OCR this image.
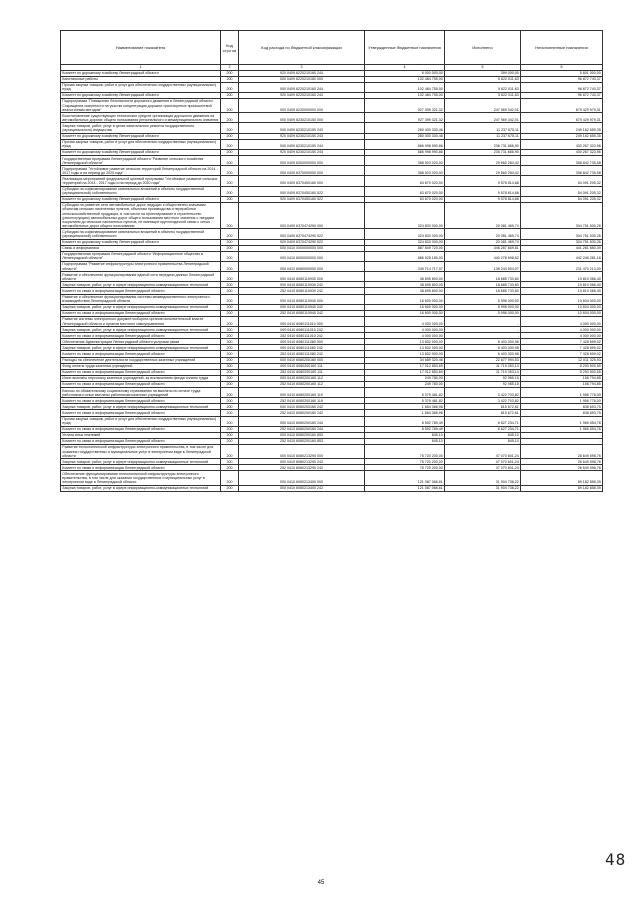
Наименование показателя	Код стро ки	Код расхода по бюджетной классификации	Утвержденные бюджетные назначения	Исполнено	Неисполненные назначения
1	2	3	4	5	6
Комитет по дорожному хозяйству Ленинградской области	200	920 0409 6220210160 244	6 000 000,00	399 000,00	5 601 000,00
Капитальные работы	200	000 0409 6220210160 000	102 484 755,00	5 622 011,63	96 872 743,37
Прочая закупка товаров, работ и услуг для обеспечения государственных (муниципальных) нужд	200	000 0409 6220210160 244	102 484 755,00	5 622 011,63	96 872 743,37
Комитет по дорожному хозяйству Ленинградской области	200	920 0409 6220210160 244	102 484 755,00	5 622 011,63	96 872 743,37
Подпрограмма "Повышение безопасности дорожного движения в Ленинградской области. Сокращение смертности на участке концентрации дорожно-транспортных происшествий аналогичным методом"	200	000 0409 6230000000 000	927 399 321,32	247 969 342,01	679 429 979,31
Восстановление существующих технических средств организации дорожного движения на автомобильных дорогах общего пользования регионального и межмуниципального значения	200	000 0409 6230210150 000	927 399 321,32	247 969 342,01	679 429 979,31
Закупка товаров, работ, услуг в целях капитального ремонта государственного (муниципального) имущества	200	000 0409 6230210150 243	260 400 330,46	11 237 675,11	249 162 655,35
Комитет по дорожному хозяйству Ленинградской области	200	920 0409 6230210150 243	260 400 330,46	11 237 675,11	249 162 655,35
Прочая закупка товаров, работ и услуг для обеспечения государственных (муниципальных) нужд	200	000 0409 6230210150 244	666 998 990,86	236 731 666,90	430 267 323,96
Комитет по дорожному хозяйству Ленинградской области	200	920 0409 6230210150 244	666 998 990,86	236 731 666,90	430 267 323,96
Государственная программа Ленинградской области "Развитие сельского хозяйства Ленинградской области"	200	000 0409 6300000000 000	388 503 020,00	29 660 284,42	358 842 735,58
Подпрограмма "Устойчивое развитие сельских территорий Ленинградской области на 2014 - 2017 годы и на период до 2020 года"	200	000 0409 6370000000 000	388 503 020,00	29 660 284,42	358 842 735,58
Реализация мероприятий федеральной целевой программы "Устойчивое развитие сельских территорий на 2014 - 2017 годы и на период до 2020 года"	200	000 0409 6370450160 000	63 670 020,00	9 578 814,68	54 091 205,32
Субсидии на софинансирование капитальных вложений в объекты государственной (муниципальной) собственности	200	000 0409 6370450160 522	63 670 020,00	9 578 814,68	54 091 205,32
Комитет по дорожному хозяйству Ленинградской области	200	920 0409 6370450160 522	63 670 020,00	9 578 814,68	54 091 205,32
Субсидии на развитие сети автомобильных дорог, ведущих к общественно значимым объектам сельских населенных пунктов, объектам производства и переработки сельскохозяйственной продукции, в том числе на проектирование и строительство (реконструкцию) автомобильных дорог общего пользования местного значения с твердым покрытием до сельских населенных пунктов, не имеющих круглогодичной связи с сетью автомобильных дорог общего пользования	200	000 0409 6370474290 000	324 833 000,00	20 081 469,74	304 751 530,26
Субсидии на софинансирование капитальных вложений в объекты государственной (муниципальной) собственности	200	000 0409 6370474290 522	324 833 000,00	20 081 469,74	304 751 530,26
Комитет по дорожному хозяйству Ленинградской области	200	920 0409 6370474290 522	324 833 000,00	20 081 469,74	304 751 530,26
Связь и информатика	200	000 0410 0000000000 000	887 849 720,00	446 287 669,61	441 261 650,39
Государственная программа Ленинградской области "Информационное общество в Ленинградской области"	200	000 0410 6000000000 000	886 525 180,00	440 278 698,62	442 246 281,18
Подпрограмма "Развитие инфраструктуры электронного правительства Ленинградской области"	200	000 0410 6080000000 000	349 714 717,07	138 244 504,07	211 470 213,00
Развитие и обеспечение функционирования единой сети передачи данных Ленинградской области	200	000 0410 6080110930 000	38 695 800,00	18 685 733,60	19 810 066,40
Закупка товаров, работ, услуг в сфере информационно-коммуникационных технологий	200	000 0410 6080110930 242	38 695 800,00	18 685 733,60	19 810 066,40
Комитет по связи и информатизации Ленинградской области	200	252 0410 6080110930 242	38 695 800,00	18 685 733,60	19 810 066,40
Развитие и обеспечение функционирования системы межведомственного электронного взаимодействия Ленинградской области	200	000 0410 6080110940 000	16 600 000,00	5 996 000,00	10 604 000,00
Закупка товаров, работ, услуг в сфере информационно-коммуникационных технологий	200	000 0410 6080110940 242	16 600 000,00	5 996 000,00	10 604 000,00
Комитет по связи и информатизации Ленинградской области	200	252 0410 6080110940 242	16 600 000,00	5 996 000,00	10 604 000,00
Развитие системы электронного документооборота органов исполнительной власти Ленинградской области и органов местного самоуправления	200	000 0410 6080111010 000	4 000 000,00	-	4 000 000,00
Закупка товаров, работ, услуг в сфере информационно-коммуникационных технологий	200	000 0410 6080111010 242	4 000 000,00	-	4 000 000,00
Комитет по связи и информатизации Ленинградской области	200	252 0410 6080111010 242	4 000 000,00	-	4 000 000,00
Обеспечение Администрации Ленинградской области услугами связи	200	000 0410 6080111080 000	13 832 000,00	6 403 300,98	7 428 699,02
Закупка товаров, работ, услуг в сфере информационно-коммуникационных технологий	200	000 0410 6080111080 242	13 832 000,00	6 403 300,98	7 428 699,02
Комитет по связи и информатизации Ленинградской области	200	252 0410 6080111080 242	13 832 000,00	6 403 300,98	7 428 699,02
Расходы на обеспечение деятельности государственных казенных учреждений	200	000 0410 6080200160 000	34 689 320,46	22 677 994,53	12 011 325,93
Фонд оплаты труда казенных учреждений	200	000 0410 6080200160 111	17 012 853,69	11 719 353,14	5 293 500,55
Комитет по связи и информатизации Ленинградской области	200	252 0410 6080200160 111	17 012 853,69	11 719 353,14	5 293 500,55
Иные выплаты персоналу казенных учреждений, за исключением фонда оплаты труда	200	000 0410 6080200160 112	249 780,00	92 985,15	156 794,85
Комитет по связи и информатизации Ленинградской области	200	252 0410 6080200160 112	249 780,00	92 985,15	156 794,85
Взносы по обязательному социальному страхованию на выплаты по оплате труда работников и иные выплаты работникам казенных учреждений	200	000 0410 6080200160 119	5 379 481,82	3 422 703,82	1 956 778,00
Комитет по связи и информатизации Ленинградской области	200	252 0410 6080200160 119	5 379 481,82	3 422 703,82	1 956 778,00
Закупка товаров, работ, услуг в сфере информационно-коммуникационных технологий	200	000 0410 6080200160 242	1 654 366,96	815 672,61	838 693,75
Комитет по связи и информатизации Ленинградской области	200	252 0410 6080200160 242	1 654 366,96	815 672,61	838 693,75
Прочая закупка товаров, работ и услуг для обеспечения государственных (муниципальных) нужд	200	000 0410 6080200160 244	8 592 789,49	6 627 234,71	1 965 554,78
Комитет по связи и информатизации Ленинградской области	200	252 0410 6080200160 244	8 592 789,49	6 627 234,71	1 965 554,78
Уплата иных платежей	200	000 0410 6080200160 853	845,10	845,10	-
Комитет по связи и информатизации Ленинградской области	200	252 0410 6080200160 853	845,10	845,10	-
Развитие технологической инфраструктуры электронного правительства, в том числе для оказания государственных и муниципальных услуг в электронном виде в Ленинградской области	200	000 0410 6080213290 000	75 720 200,00	47 070 601,24	28 649 598,76
Закупка товаров, работ, услуг в сфере информационно-коммуникационных технологий	200	000 0410 6080213290 242	75 720 200,00	47 070 601,24	28 649 598,76
Комитет по связи и информатизации Ленинградской области	200	252 0410 6080213290 242	75 720 200,00	47 070 601,24	28 649 598,76
Обеспечение функционирования технологической инфраструктуры электронного правительства, в том числе для оказания государственных и муниципальных услуг в электронном виде в Ленинградской области	200	000 0410 6080213400 000	121 087 066,61	31 904 738,22	89 182 858,39
Закупка товаров, работ, услуг в сфере информационно-коммуникационных технологий	200	000 0410 6080213400 242	121 087 066,61	31 904 738,22	89 182 858,39
45
48
